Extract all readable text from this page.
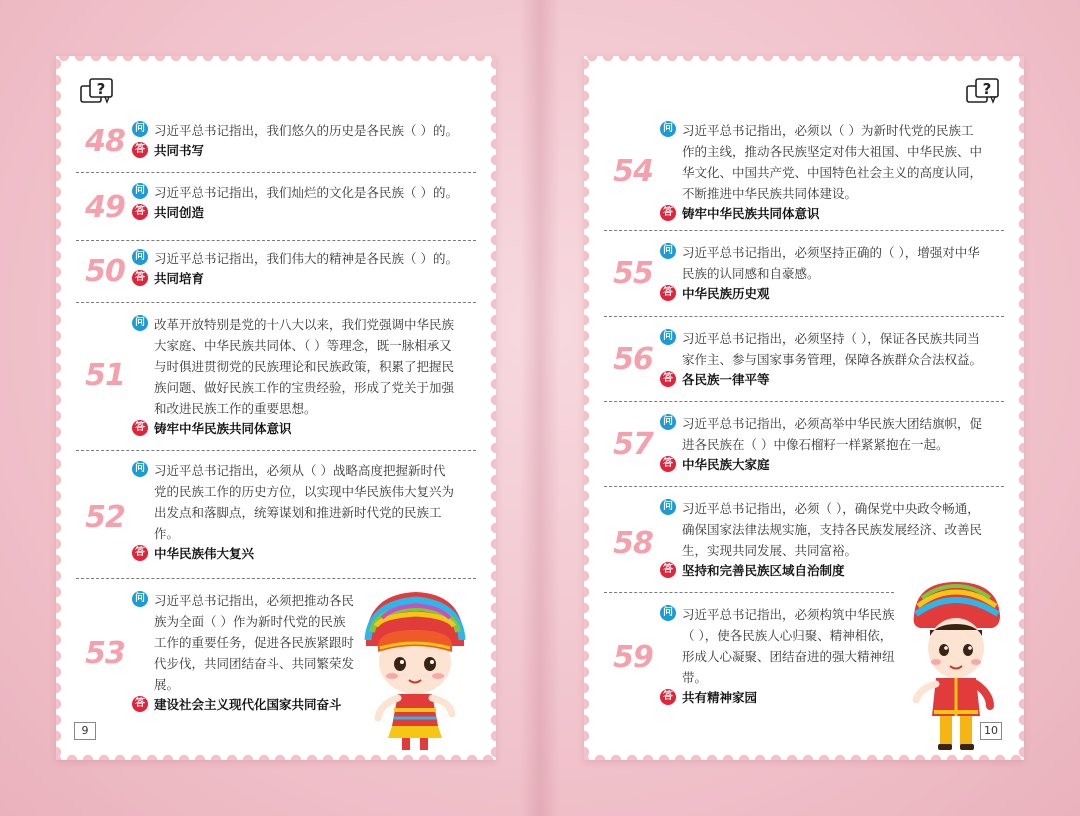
?
48	问 习近平总书记指出，我们悠久的历史是各民族（ ）的。
答 共同书写
49	问 习近平总书记指出，我们灿烂的文化是各民族（ ）的。
答 共同创造
50	问 习近平总书记指出，我们伟大的精神是各民族（ ）的。
答 共同培育
51
问 改革开放特别是党的十八大以来，我们党强调中华民族大家庭、中华民族共同体、（ ）等理念，既一脉相承又与时俱进贯彻党的民族理论和民族政策，积累了把握民族问题、做好民族工作的宝贵经验，形成了党关于加强和改进民族工作的重要思想。
答 铸牢中华民族共同体意识
52
问 习近平总书记指出，必须从（ ）战略高度把握新时代党的民族工作的历史方位，以实现中华民族伟大复兴为出发点和落脚点，统筹谋划和推进新时代党的民族工作。
答 中华民族伟大复兴
53
问 习近平总书记指出，必须把推动各民族为全面（ ）作为新时代党的民族工作的重要任务，促进各民族紧跟时代步伐，共同团结奋斗、共同繁荣发展。
答 建设社会主义现代化国家共同奋斗
9
?
54
问 习近平总书记指出，必须以（ ）为新时代党的民族工作的主线，推动各民族坚定对伟大祖国、中华民族、中华文化、中国共产党、中国特色社会主义的高度认同，不断推进中华民族共同体建设。
答 铸牢中华民族共同体意识
55
问 习近平总书记指出，必须坚持正确的（ ），增强对中华民族的认同感和自豪感。
答 中华民族历史观
56
问 习近平总书记指出，必须坚持（ ），保证各民族共同当家作主、参与国家事务管理，保障各族群众合法权益。
答 各民族一律平等
57
问 习近平总书记指出，必须高举中华民族大团结旗帜，促进各民族在（ ）中像石榴籽一样紧紧抱在一起。
答 中华民族大家庭
58
问 习近平总书记指出，必须（ ），确保党中央政令畅通，确保国家法律法规实施，支持各民族发展经济、改善民生，实现共同发展、共同富裕。
答 坚持和完善民族区域自治制度
59
问 习近平总书记指出，必须构筑中华民族（ ），使各民族人心归聚、精神相依，形成人心凝聚、团结奋进的强大精神纽带。
答 共有精神家园
10
